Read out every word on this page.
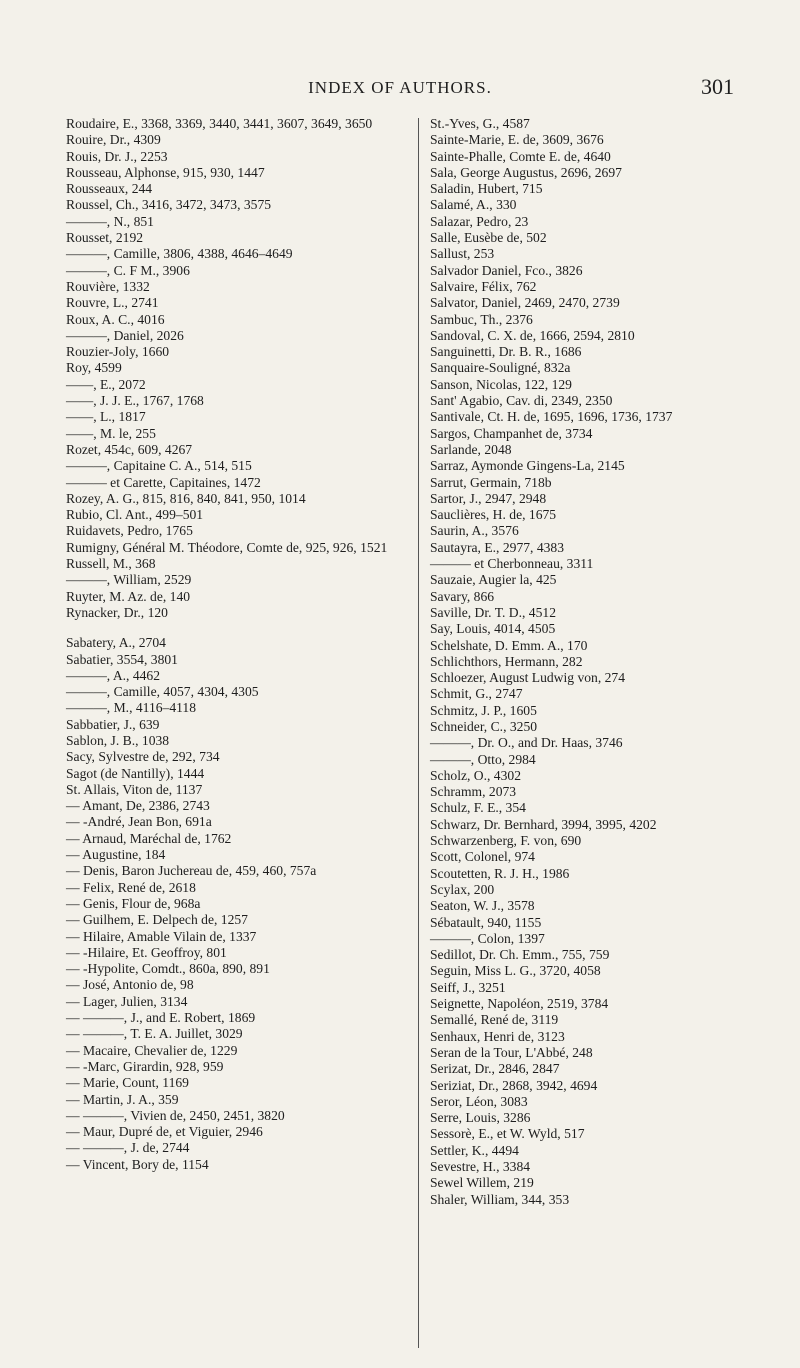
INDEX OF AUTHORS.	301
Roudaire, E., 3368, 3369, 3440, 3441, 3607, 3649, 3650
Rouire, Dr., 4309
Rouis, Dr. J., 2253
Rousseau, Alphonse, 915, 930, 1447
Rousseaux, 244
Roussel, Ch., 3416, 3472, 3473, 3575
———, N., 851
Rousset, 2192
———, Camille, 3806, 4388, 4646–4649
———, C. F M., 3906
Rouvière, 1332
Rouvre, L., 2741
Roux, A. C., 4016
———, Daniel, 2026
Rouzier-Joly, 1660
Roy, 4599
——, E., 2072
——, J. J. E., 1767, 1768
——, L., 1817
——, M. le, 255
Rozet, 454c, 609, 4267
———, Capitaine C. A., 514, 515
——— et Carette, Capitaines, 1472
Rozey, A. G., 815, 816, 840, 841, 950, 1014
Rubio, Cl. Ant., 499–501
Ruidavets, Pedro, 1765
Rumigny, Général M. Théodore, Comte de, 925, 926, 1521
Russell, M., 368
———, William, 2529
Ruyter, M. Az. de, 140
Rynacker, Dr., 120
Sabatery, A., 2704
Sabatier, 3554, 3801
———, A., 4462
———, Camille, 4057, 4304, 4305
———, M., 4116–4118
Sabbatier, J., 639
Sablon, J. B., 1038
Sacy, Sylvestre de, 292, 734
Sagot (de Nantilly), 1444
St. Allais, Viton de, 1137
— Amant, De, 2386, 2743
— -André, Jean Bon, 691a
— Arnaud, Maréchal de, 1762
— Augustine, 184
— Denis, Baron Juchereau de, 459, 460, 757a
— Felix, René de, 2618
— Genis, Flour de, 968a
— Guilhem, E. Delpech de, 1257
— Hilaire, Amable Vilain de, 1337
— -Hilaire, Et. Geoffroy, 801
— -Hypolite, Comdt., 860a, 890, 891
— José, Antonio de, 98
— Lager, Julien, 3134
— ———, J., and E. Robert, 1869
— ———, T. E. A. Juillet, 3029
— Macaire, Chevalier de, 1229
— -Marc, Girardin, 928, 959
— Marie, Count, 1169
— Martin, J. A., 359
— ———, Vivien de, 2450, 2451, 3820
— Maur, Dupré de, et Viguier, 2946
— ———, J. de, 2744
— Vincent, Bory de, 1154
St.-Yves, G., 4587
Sainte-Marie, E. de, 3609, 3676
Sainte-Phalle, Comte E. de, 4640
Sala, George Augustus, 2696, 2697
Saladin, Hubert, 715
Salamé, A., 330
Salazar, Pedro, 23
Salle, Eusèbe de, 502
Sallust, 253
Salvador Daniel, Fco., 3826
Salvaire, Félix, 762
Salvator, Daniel, 2469, 2470, 2739
Sambuc, Th., 2376
Sandoval, C. X. de, 1666, 2594, 2810
Sanguinetti, Dr. B. R., 1686
Sanquaire-Souligné, 832a
Sanson, Nicolas, 122, 129
Sant' Agabio, Cav. di, 2349, 2350
Santivale, Ct. H. de, 1695, 1696, 1736, 1737
Sargos, Champanhet de, 3734
Sarlande, 2048
Sarraz, Aymonde Gingens-La, 2145
Sarrut, Germain, 718b
Sartor, J., 2947, 2948
Sauclières, H. de, 1675
Saurin, A., 3576
Sautayra, E., 2977, 4383
——— et Cherbonneau, 3311
Sauzaie, Augier la, 425
Savary, 866
Saville, Dr. T. D., 4512
Say, Louis, 4014, 4505
Schelshate, D. Emm. A., 170
Schlichthors, Hermann, 282
Schloezer, August Ludwig von, 274
Schmit, G., 2747
Schmitz, J. P., 1605
Schneider, C., 3250
———, Dr. O., and Dr. Haas, 3746
———, Otto, 2984
Scholz, O., 4302
Schramm, 2073
Schulz, F. E., 354
Schwarz, Dr. Bernhard, 3994, 3995, 4202
Schwarzenberg, F. von, 690
Scott, Colonel, 974
Scoutetten, R. J. H., 1986
Scylax, 200
Seaton, W. J., 3578
Sébatault, 940, 1155
———, Colon, 1397
Sedillot, Dr. Ch. Emm., 755, 759
Seguin, Miss L. G., 3720, 4058
Seiff, J., 3251
Seignette, Napoléon, 2519, 3784
Semallé, René de, 3119
Senhaux, Henri de, 3123
Seran de la Tour, L'Abbé, 248
Serizat, Dr., 2846, 2847
Seriziat, Dr., 2868, 3942, 4694
Seror, Léon, 3083
Serre, Louis, 3286
Sessorè, E., et W. Wyld, 517
Settler, K., 4494
Sevestre, H., 3384
Sewel Willem, 219
Shaler, William, 344, 353
